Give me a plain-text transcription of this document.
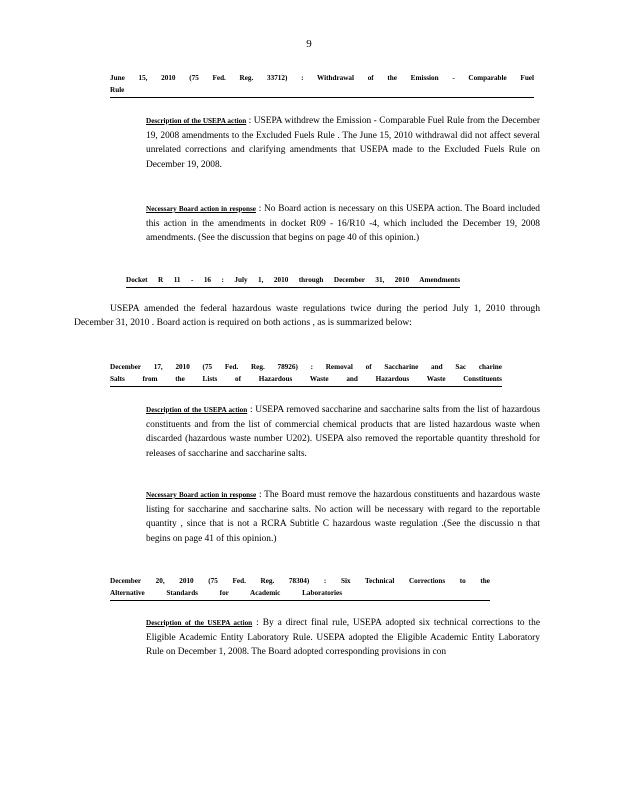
9
June 15, 2010 (75 Fed. Reg. 33712) : Withdrawal of the Emission - Comparable Fuel
Rule
Description of the USEPA action : USEPA withdrew the Emission - Comparable Fuel Rule from the December 19, 2008 amendments to the Excluded Fuels Rule . The June 15, 2010 withdrawal did not affect several unrelated corrections and clarifying amendments that USEPA made to the Excluded Fuels Rule on December 19, 2008.
Necessary Board action in response : No Board action is necessary on this USEPA action. The Board included this action in the amendments in docket R09 - 16/R10 -4, which included the December 19, 2008 amendments. (See the discussion that begins on page 40 of this opinion.)
Docket R 11 - 16 : July 1, 2010 through December 31, 2010 Amendments
USEPA amended the federal hazardous waste regulations twice during the period July 1, 2010 through December 31, 2010 . Board action is required on both actions , as is summarized below:
December 17, 2010 (75 Fed. Reg. 78926) : Removal of Saccharine and Sac charine
Salts from the Lists of Hazardous Waste and Hazardous Waste Constituents
Description of the USEPA action : USEPA removed saccharine and saccharine salts from the list of hazardous constituents and from the list of commercial chemical products that are listed hazardous waste when discarded (hazardous waste number U202). USEPA also removed the reportable quantity threshold for releases of saccharine and saccharine salts.
Necessary Board action in response : The Board must remove the hazardous constituents and hazardous waste listing for saccharine and saccharine salts. No action will be necessary with regard to the reportable quantity , since that is not a RCRA Subtitle C hazardous waste regulation .(See the discussio n that begins on page 41 of this opinion.)
December 20, 2010 (75 Fed. Reg. 78304) : Six Technical Corrections to the
Alternative Standards for Academic Laboratories
Description of the USEPA action : By a direct final rule, USEPA adopted six technical corrections to the Eligible Academic Entity Laboratory Rule. USEPA adopted the Eligible Academic Entity Laboratory Rule on December 1, 2008. The Board adopted corresponding provisions in con
